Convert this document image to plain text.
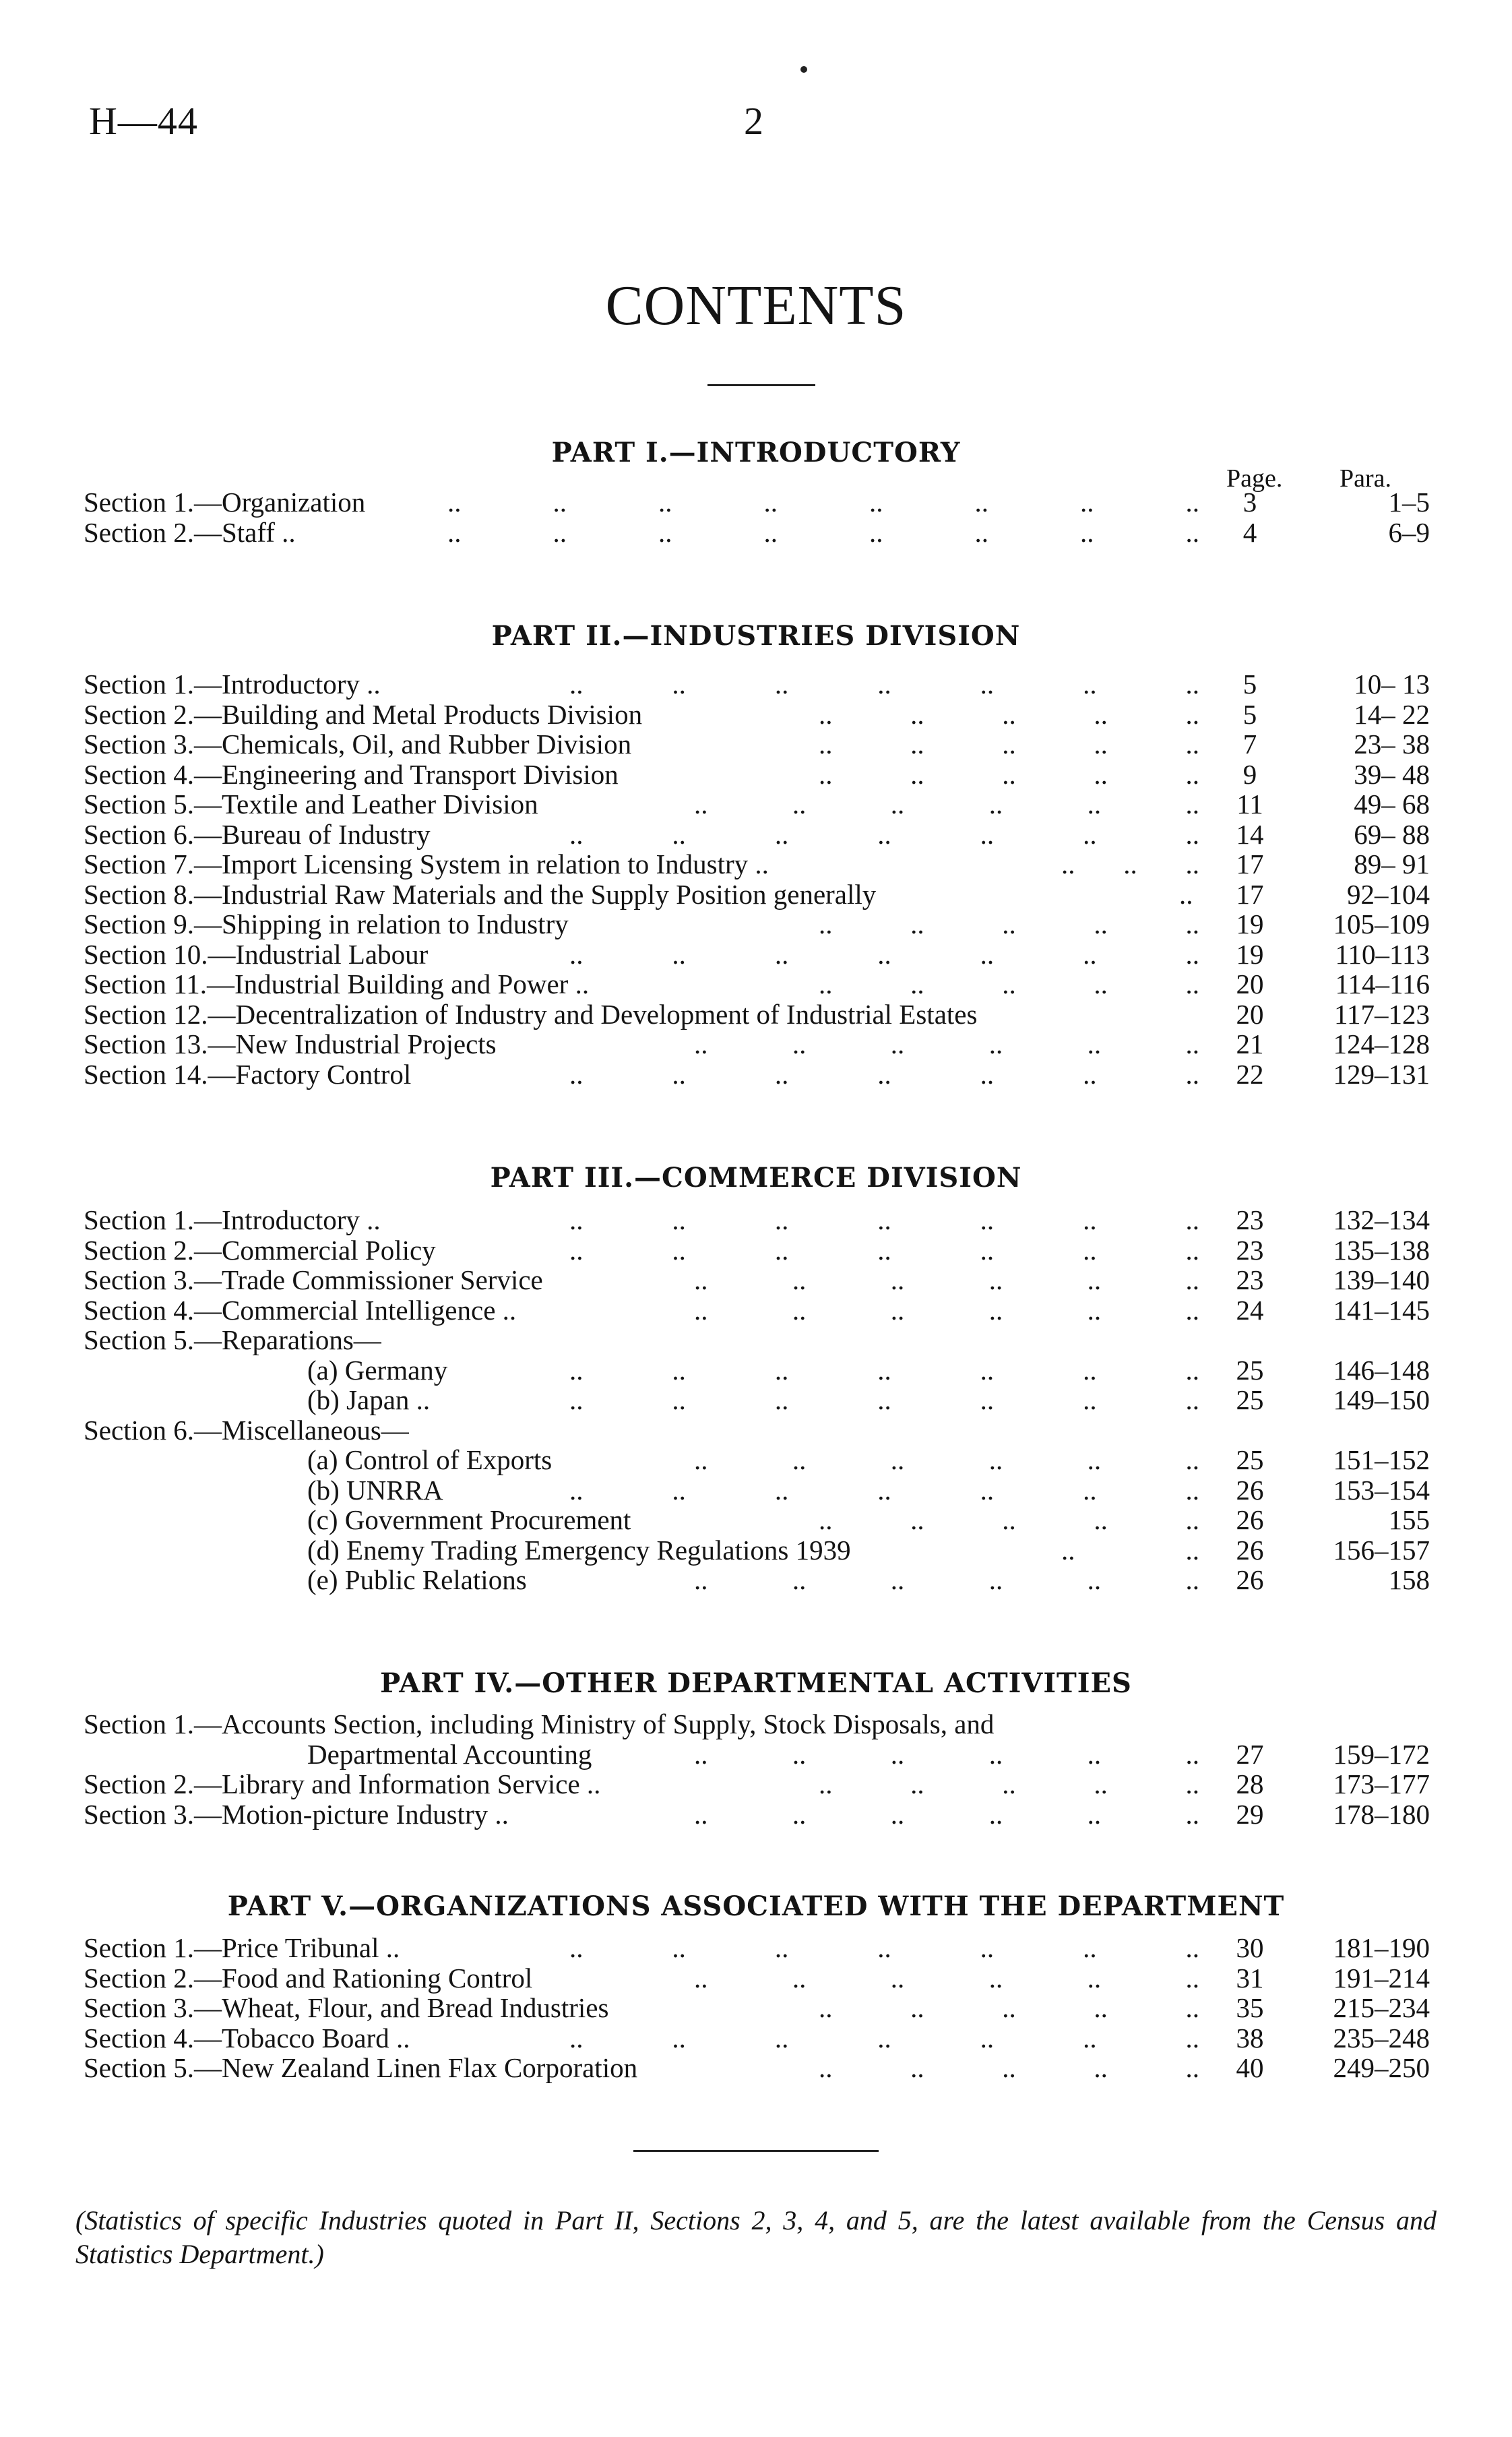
H—44	2
CONTENTS
PART I.—INTRODUCTORY
Page. Para.
Section 1.—Organization	.. .. .. .. .. .. .. ..	3	1–5
Section 2.—Staff ..	.. .. .. .. .. .. .. ..	4	6–9
PART II.—INDUSTRIES DIVISION
Section 1.—Introductory ..	.. .. .. .. .. .. ..	5	10– 13
Section 2.—Building and Metal Products Division	.. .. .. .. ..	5	14– 22
Section 3.—Chemicals, Oil, and Rubber Division	.. .. .. .. ..	7	23– 38
Section 4.—Engineering and Transport Division	.. .. .. .. ..	9	39– 48
Section 5.—Textile and Leather Division	.. .. .. .. .. ..	11	49– 68
Section 6.—Bureau of Industry	.. .. .. .. .. .. ..	14	69– 88
Section 7.—Import Licensing System in relation to Industry ..	.. .. ..	17	89– 91
Section 8.—Industrial Raw Materials and the Supply Position generally	..	17	92–104
Section 9.—Shipping in relation to Industry	.. .. .. .. ..	19	105–109
Section 10.—Industrial Labour	.. .. .. .. .. .. ..	19	110–113
Section 11.—Industrial Building and Power ..	.. .. .. .. ..	20	114–116
Section 12.—Decentralization of Industry and Development of Industrial Estates	20	117–123
Section 13.—New Industrial Projects	.. .. .. .. .. ..	21	124–128
Section 14.—Factory Control	.. .. .. .. .. .. ..	22	129–131
PART III.—COMMERCE DIVISION
Section 1.—Introductory ..	.. .. .. .. .. .. ..	23	132–134
Section 2.—Commercial Policy	.. .. .. .. .. .. ..	23	135–138
Section 3.—Trade Commissioner Service	.. .. .. .. .. ..	23	139–140
Section 4.—Commercial Intelligence ..	.. .. .. .. .. ..	24	141–145
Section 5.—Reparations—
(a) Germany	.. .. .. .. .. .. ..	25	146–148
(b) Japan ..	.. .. .. .. .. .. ..	25	149–150
Section 6.—Miscellaneous—
(a) Control of Exports	.. .. .. .. .. ..	25	151–152
(b) UNRRA	.. .. .. .. .. .. ..	26	153–154
(c) Government Procurement	.. .. .. .. ..	26	155
(d) Enemy Trading Emergency Regulations 1939	.. ..	26	156–157
(e) Public Relations	.. .. .. .. .. ..	26	158
PART IV.—OTHER DEPARTMENTAL ACTIVITIES
Section 1.—Accounts Section, including Ministry of Supply, Stock Disposals, and
Departmental Accounting	.. .. .. .. .. ..	27	159–172
Section 2.—Library and Information Service ..	.. .. .. .. ..	28	173–177
Section 3.—Motion-picture Industry ..	.. .. .. .. .. ..	29	178–180
PART V.—ORGANIZATIONS ASSOCIATED WITH THE DEPARTMENT
Section 1.—Price Tribunal ..	.. .. .. .. .. .. ..	30	181–190
Section 2.—Food and Rationing Control	.. .. .. .. .. ..	31	191–214
Section 3.—Wheat, Flour, and Bread Industries	.. .. .. .. ..	35	215–234
Section 4.—Tobacco Board ..	.. .. .. .. .. .. ..	38	235–248
Section 5.—New Zealand Linen Flax Corporation	.. .. .. .. ..	40	249–250
(Statistics of specific Industries quoted in Part II, Sections 2, 3, 4, and 5, are the latest available from the Census and Statistics Department.)
